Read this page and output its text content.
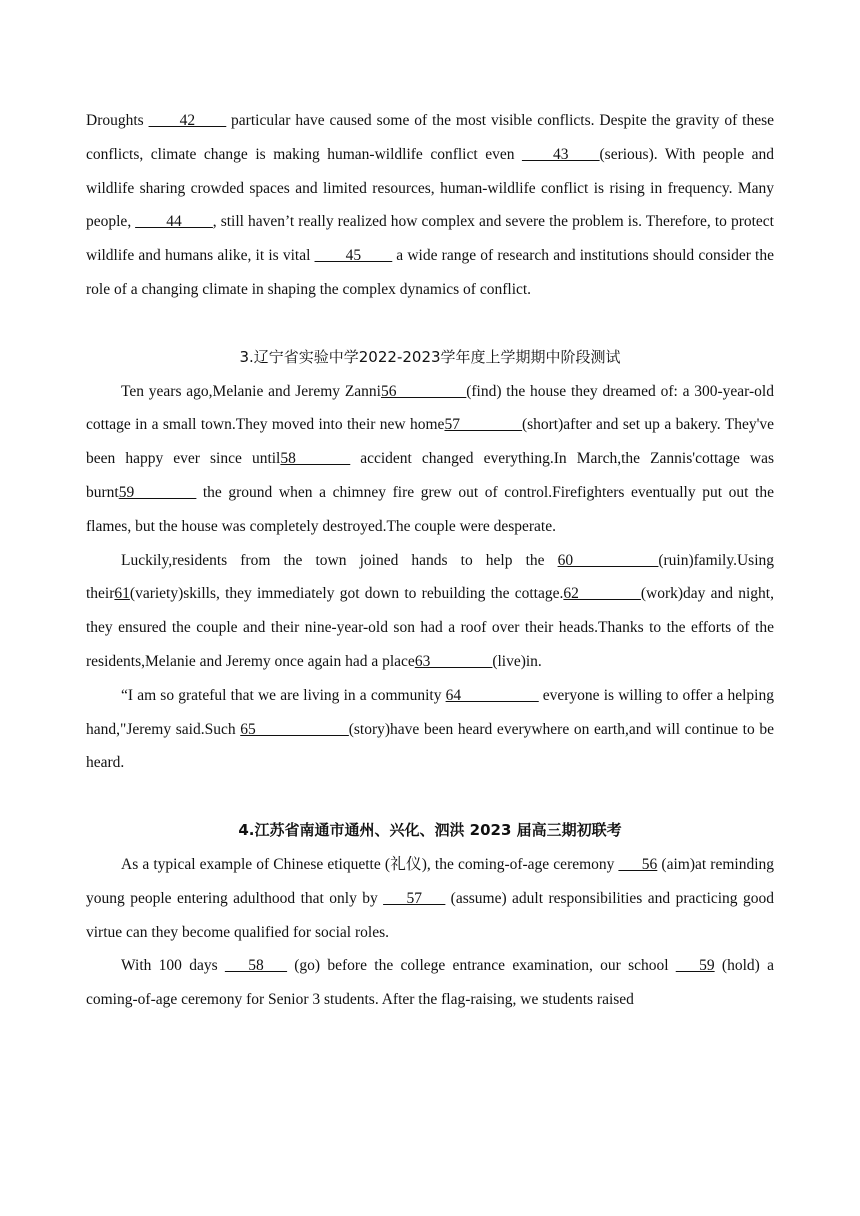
Droughts ____42____ particular have caused some of the most visible conflicts. Despite the gravity of these conflicts, climate change is making human-wildlife conflict even ____43____(serious). With people and wildlife sharing crowded spaces and limited resources, human-wildlife conflict is rising in frequency. Many people, ____44____, still haven’t really realized how complex and severe the problem is. Therefore, to protect wildlife and humans alike, it is vital ____45____ a wide range of research and institutions should consider the role of a changing climate in shaping the complex dynamics of conflict.

3.辽宁省实验中学2022-2023学年度上学期期中阶段测试

Ten years ago,Melanie and Jeremy Zanni56_________(find) the house they dreamed of: a 300-year-old cottage in a small town.They moved into their new home57________(short)after and set up a bakery. They've been happy ever since until58_______ accident changed everything.In March,the Zannis'cottage was burnt59________ the ground when a chimney fire grew out of control.Firefighters eventually put out the flames, but the house was completely destroyed.The couple were desperate.

Luckily,residents from the town joined hands to help the 60___________(ruin)family.Using their61(variety)skills, they immediately got down to rebuilding the cottage.62________(work)day and night, they ensured the couple and their nine-year-old son had a roof over their heads.Thanks to the efforts of the residents,Melanie and Jeremy once again had a place63________(live)in.

“I am so grateful that we are living in a community 64__________ everyone is willing to offer a helping hand,"Jeremy said.Such 65____________(story)have been heard everywhere on earth,and will continue to be heard.

4.江苏省南通市通州、兴化、泗洪 2023 届高三期初联考

As a typical example of Chinese etiquette (礼仪), the coming-of-age ceremony ___56 (aim)at reminding young people entering adulthood that only by ___57___ (assume) adult responsibilities and practicing good virtue can they become qualified for social roles.

With 100 days ___58___ (go) before the college entrance examination, our school ___59 (hold) a coming-of-age ceremony for Senior 3 students. After the flag-raising, we students raised
